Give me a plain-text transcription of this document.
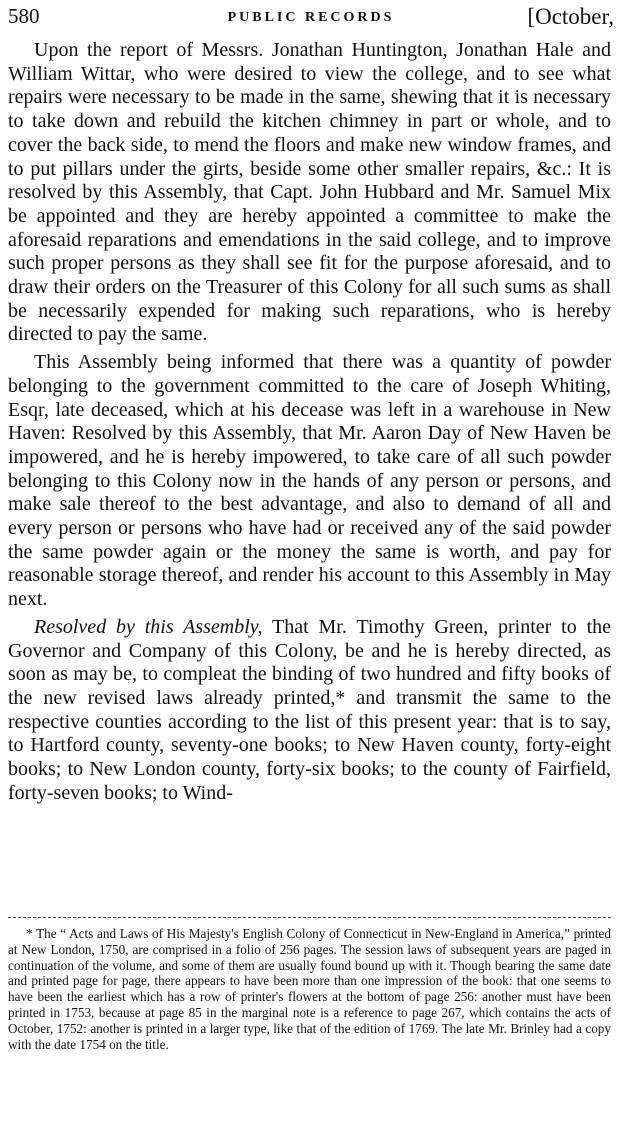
580	PUBLIC RECORDS	[October,

Upon the report of Messrs. Jonathan Huntington, Jonathan Hale and William Wittar, who were desired to view the college, and to see what repairs were necessary to be made in the same, shewing that it is necessary to take down and rebuild the kitchen chimney in part or whole, and to cover the back side, to mend the floors and make new window frames, and to put pillars under the girts, beside some other smaller repairs, &c.: It is resolved by this Assembly, that Capt. John Hubbard and Mr. Samuel Mix be appointed and they are hereby appointed a committee to make the aforesaid reparations and emendations in the said college, and to improve such proper persons as they shall see fit for the purpose aforesaid, and to draw their orders on the Treasurer of this Colony for all such sums as shall be necessarily expended for making such reparations, who is hereby directed to pay the same.

This Assembly being informed that there was a quantity of powder belonging to the government committed to the care of Joseph Whiting, Esqr, late deceased, which at his decease was left in a warehouse in New Haven: Resolved by this Assembly, that Mr. Aaron Day of New Haven be impowered, and he is hereby impowered, to take care of all such powder belonging to this Colony now in the hands of any person or persons, and make sale thereof to the best advantage, and also to demand of all and every person or persons who have had or received any of the said powder the same powder again or the money the same is worth, and pay for reasonable storage thereof, and render his account to this Assembly in May next.

Resolved by this Assembly, That Mr. Timothy Green, printer to the Governor and Company of this Colony, be and he is hereby directed, as soon as may be, to compleat the binding of two hundred and fifty books of the new revised laws already printed,* and transmit the same to the respective counties according to the list of this present year: that is to say, to Hartford county, seventy-one books; to New Haven county, forty-eight books; to New London county, forty-six books; to the county of Fairfield, forty-seven books; to Wind-

* The “ Acts and Laws of His Majesty's English Colony of Connecticut in New-England in America,” printed at New London, 1750, are comprised in a folio of 256 pages. The session laws of subsequent years are paged in continuation of the volume, and some of them are usually found bound up with it. Though bearing the same date and printed page for page, there appears to have been more than one impression of the book: that one seems to have been the earliest which has a row of printer's flowers at the bottom of page 256: another must have been printed in 1753, because at page 85 in the marginal note is a reference to page 267, which contains the acts of October, 1752: another is printed in a larger type, like that of the edition of 1769. The late Mr. Brinley had a copy with the date 1754 on the title.
